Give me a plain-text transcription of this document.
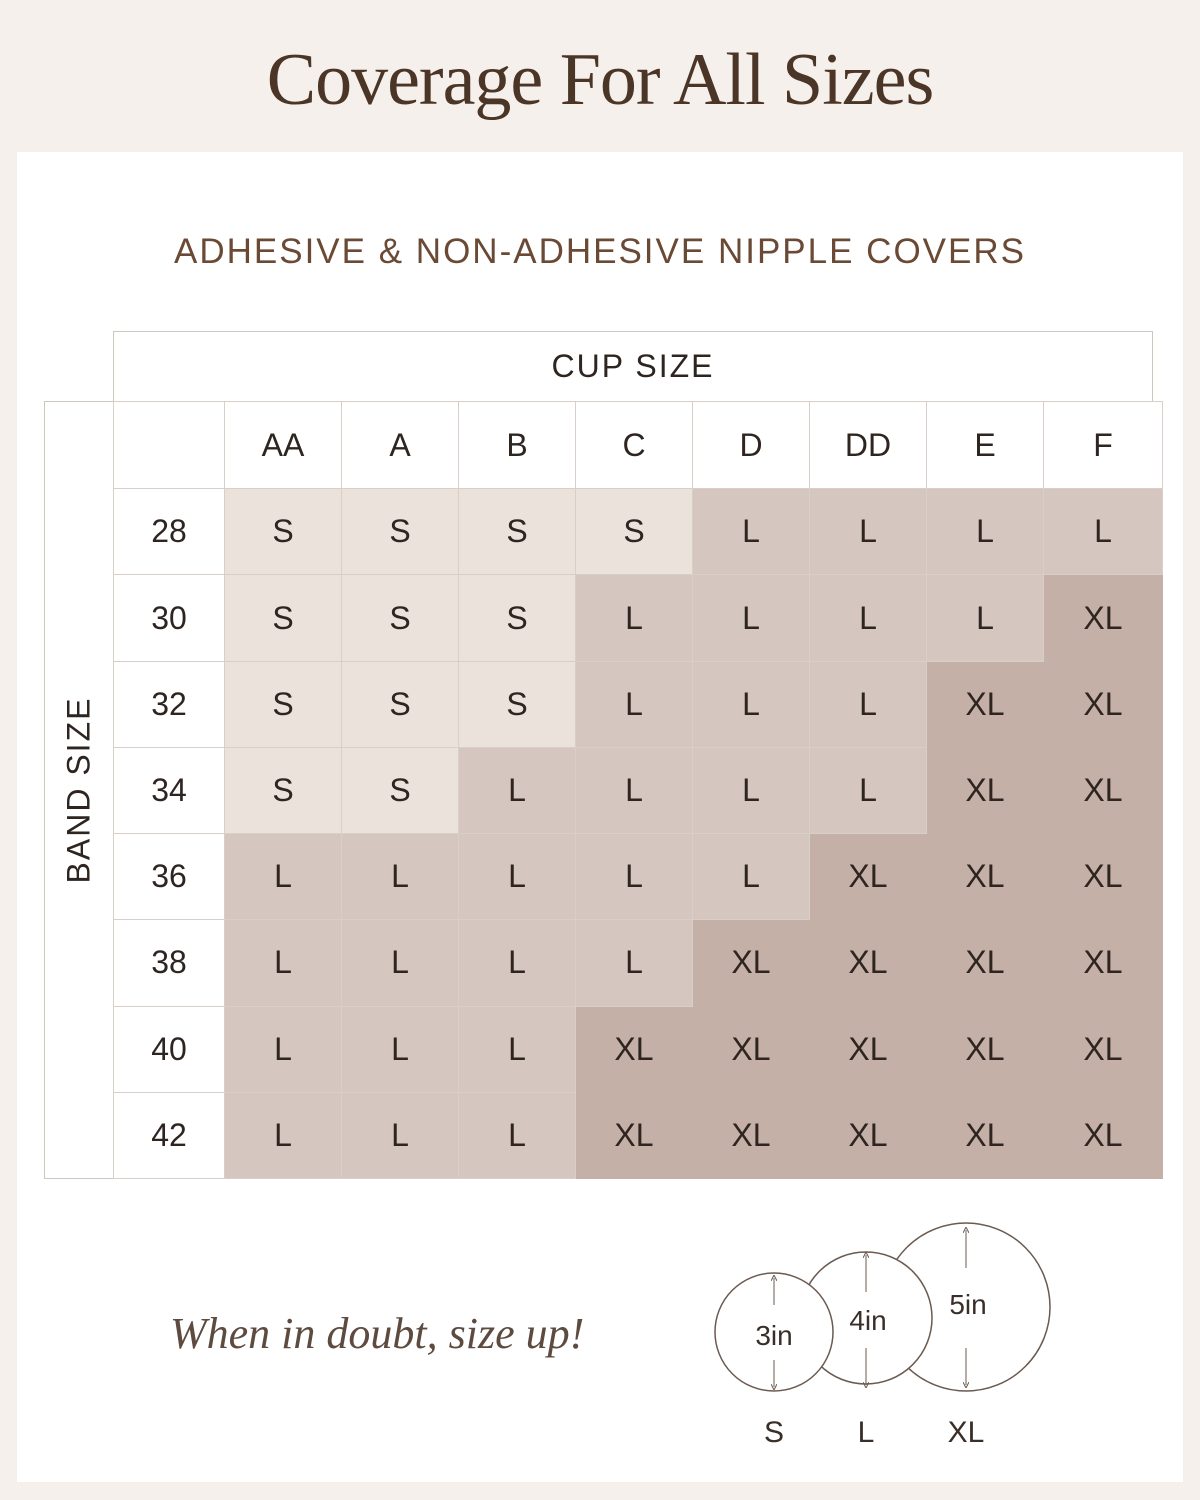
Coverage For All Sizes
ADHESIVE & NON-ADHESIVE NIPPLE COVERS
CUP SIZE
BAND SIZE
	AA	A	B	C	D	DD	E	F
28	S	S	S	S	L	L	L	L
30	S	S	S	L	L	L	L	XL
32	S	S	S	L	L	L	XL	XL
34	S	S	L	L	L	L	XL	XL
36	L	L	L	L	L	XL	XL	XL
38	L	L	L	L	XL	XL	XL	XL
40	L	L	L	XL	XL	XL	XL	XL
42	L	L	L	XL	XL	XL	XL	XL
When in doubt, size up!	3in 4in
5in
S	L	XL
